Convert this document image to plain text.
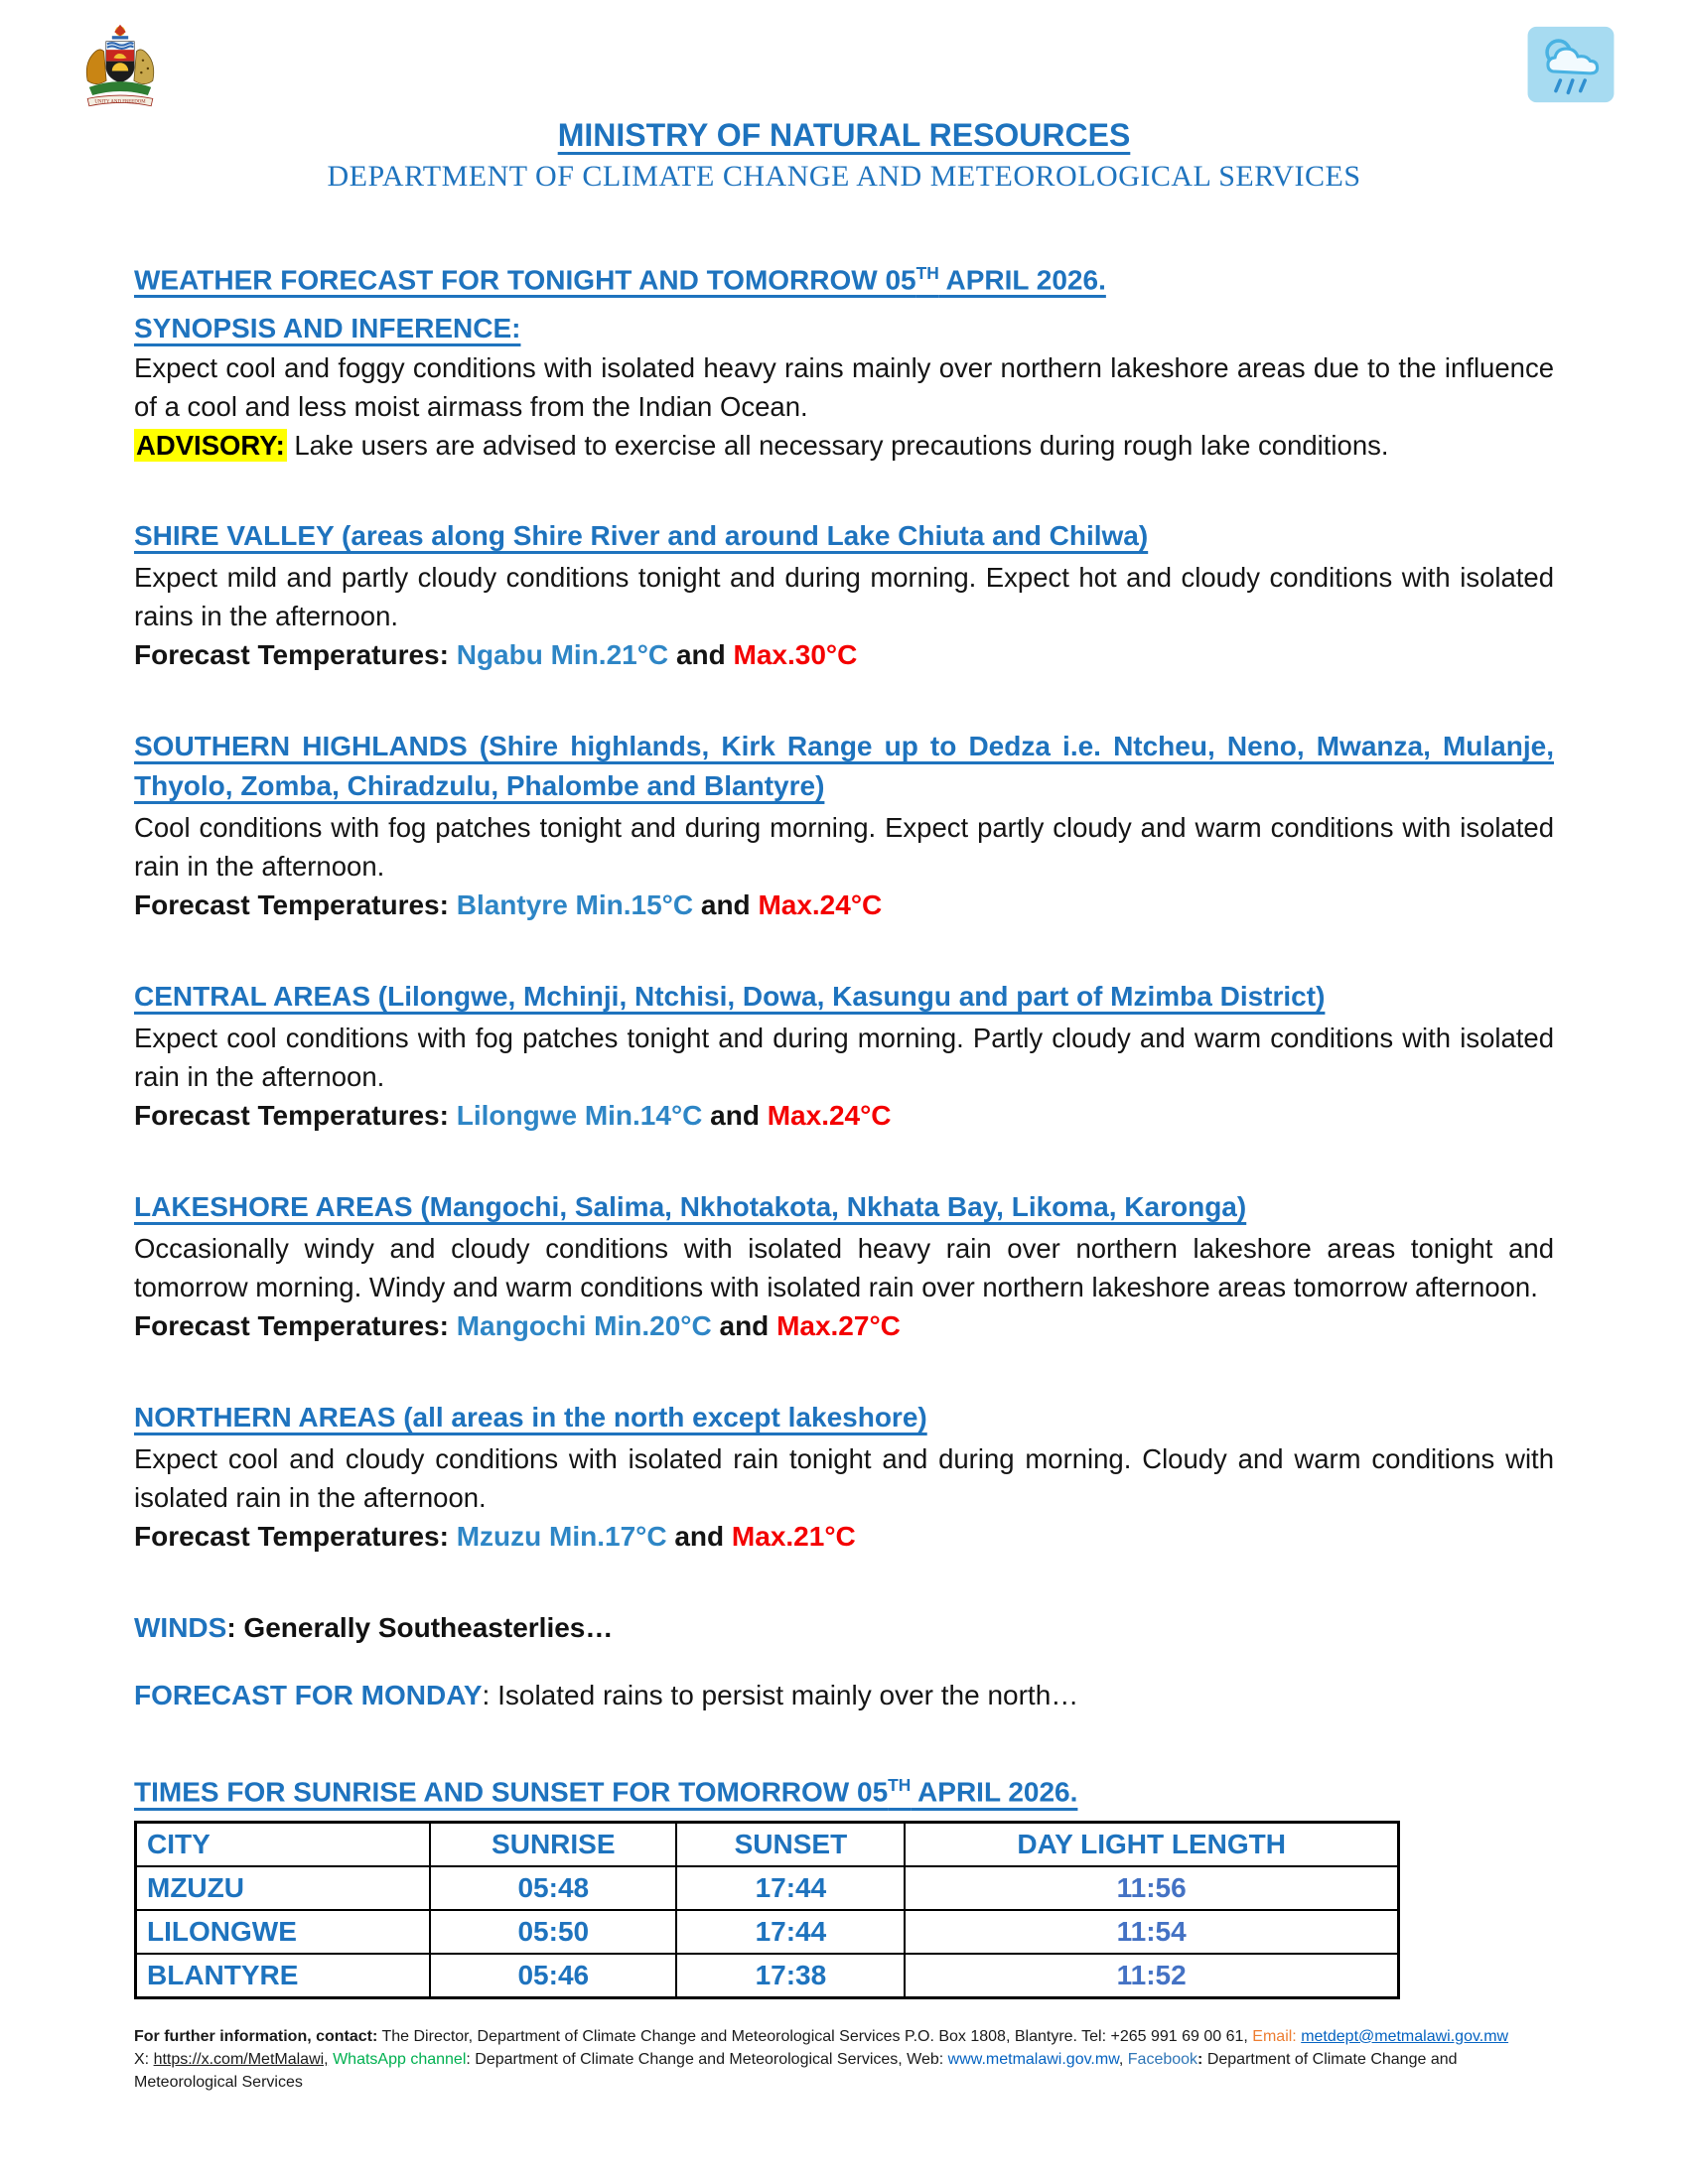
UNITY AND FREEDOM
MINISTRY OF NATURAL RESOURCES
DEPARTMENT OF CLIMATE CHANGE AND METEOROLOGICAL SERVICES
WEATHER FORECAST FOR TONIGHT AND TOMORROW 05TH APRIL 2026.
SYNOPSIS AND INFERENCE:

Expect cool and foggy conditions with isolated heavy rains mainly over northern lakeshore areas due to the influence of a cool and less moist airmass from the Indian Ocean.

ADVISORY: Lake users are advised to exercise all necessary precautions during rough lake conditions.

SHIRE VALLEY (areas along Shire River and around Lake Chiuta and Chilwa)

Expect mild and partly cloudy conditions tonight and during morning. Expect hot and cloudy conditions with isolated rains in the afternoon.

Forecast Temperatures: Ngabu Min.21°C and Max.30°C

SOUTHERN HIGHLANDS (Shire highlands, Kirk Range up to Dedza i.e. Ntcheu, Neno, Mwanza, Mulanje, Thyolo, Zomba, Chiradzulu, Phalombe and Blantyre)

Cool conditions with fog patches tonight and during morning. Expect partly cloudy and warm conditions with isolated rain in the afternoon.

Forecast Temperatures: Blantyre Min.15°C and Max.24°C

CENTRAL AREAS (Lilongwe, Mchinji, Ntchisi, Dowa, Kasungu and part of Mzimba District)

Expect cool conditions with fog patches tonight and during morning. Partly cloudy and warm conditions with isolated rain in the afternoon.

Forecast Temperatures: Lilongwe Min.14°C and Max.24°C

LAKESHORE AREAS (Mangochi, Salima, Nkhotakota, Nkhata Bay, Likoma, Karonga)

Occasionally windy and cloudy conditions with isolated heavy rain over northern lakeshore areas tonight and tomorrow morning. Windy and warm conditions with isolated rain over northern lakeshore areas tomorrow afternoon.

Forecast Temperatures: Mangochi Min.20°C and Max.27°C

NORTHERN AREAS (all areas in the north except lakeshore)

Expect cool and cloudy conditions with isolated rain tonight and during morning. Cloudy and warm conditions with isolated rain in the afternoon.

Forecast Temperatures: Mzuzu Min.17°C and Max.21°C

WINDS: Generally Southeasterlies…

FORECAST FOR MONDAY: Isolated rains to persist mainly over the north…

TIMES FOR SUNRISE AND SUNSET FOR TOMORROW 05TH APRIL 2026.
CITY	SUNRISE	SUNSET	DAY LIGHT LENGTH
MZUZU	05:48	17:44	11:56
LILONGWE	05:50	17:44	11:54
BLANTYRE	05:46	17:38	11:52

For further information, contact: The Director, Department of Climate Change and Meteorological Services P.O. Box 1808, Blantyre. Tel: +265 991 69 00 61, Email: metdept@metmalawi.gov.mw
X: https://x.com/MetMalawi, WhatsApp channel: Department of Climate Change and Meteorological Services, Web: www.metmalawi.gov.mw, Facebook: Department of Climate Change and
Meteorological Services
